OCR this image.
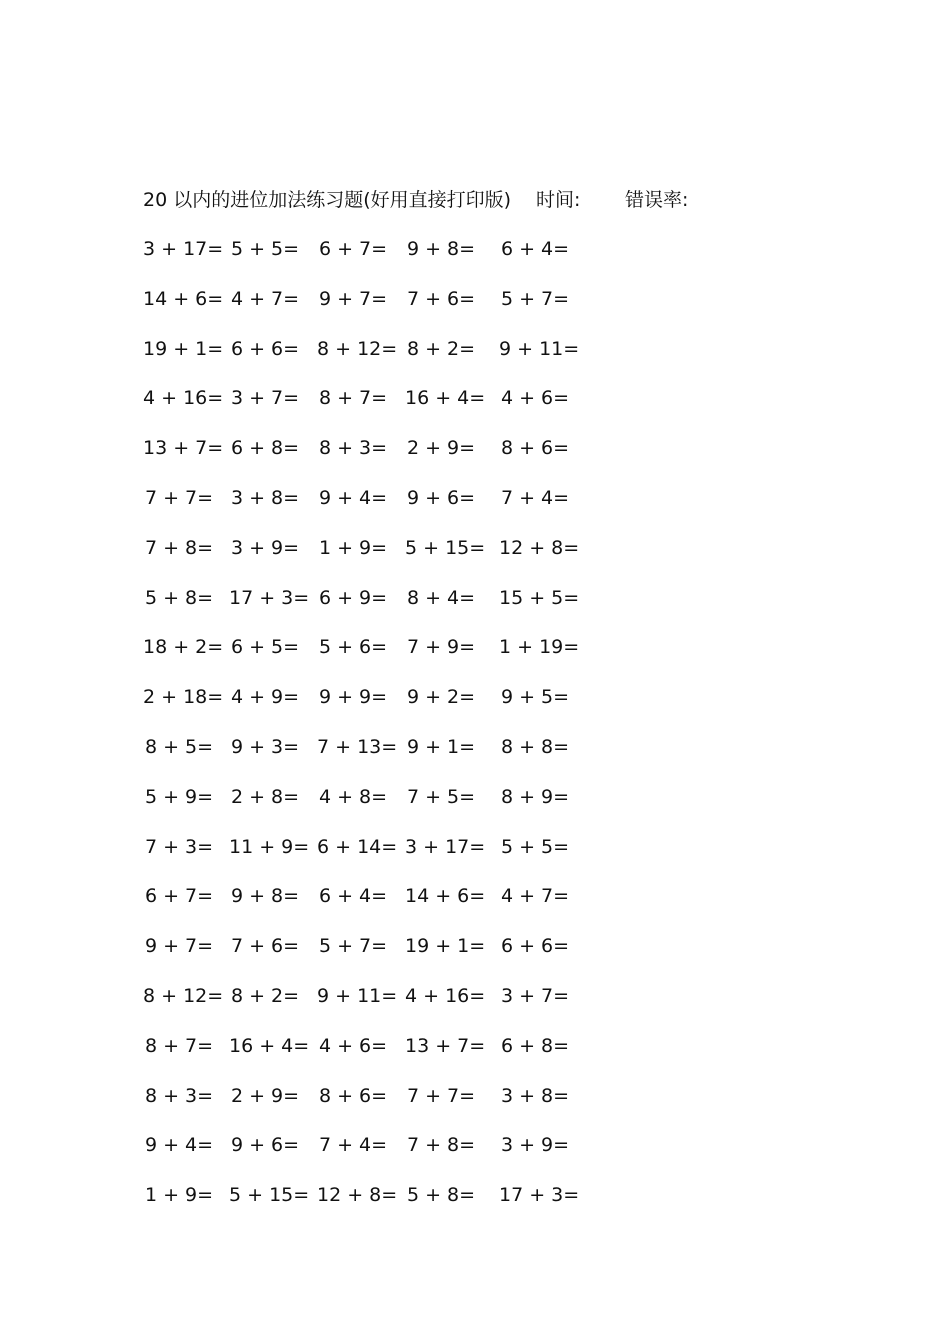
20 以内的进位加法练习题(好用直接打印版) 时间: 错误率:
3 + 17= 5 + 5= 6 + 7= 9 + 8= 6 + 4=
14 + 6= 4 + 7= 9 + 7= 7 + 6= 5 + 7=
19 + 1= 6 + 6= 8 + 12= 8 + 2= 9 + 11=
4 + 16= 3 + 7= 8 + 7= 16 + 4= 4 + 6=
13 + 7= 6 + 8= 8 + 3= 2 + 9= 8 + 6=
7 + 7= 3 + 8= 9 + 4= 9 + 6= 7 + 4=
7 + 8= 3 + 9= 1 + 9= 5 + 15= 12 + 8=
5 + 8= 17 + 3= 6 + 9= 8 + 4= 15 + 5=
18 + 2= 6 + 5= 5 + 6= 7 + 9= 1 + 19=
2 + 18= 4 + 9= 9 + 9= 9 + 2= 9 + 5=
8 + 5= 9 + 3= 7 + 13= 9 + 1= 8 + 8=
5 + 9= 2 + 8= 4 + 8= 7 + 5= 8 + 9=
7 + 3= 11 + 9= 6 + 14= 3 + 17= 5 + 5=
6 + 7= 9 + 8= 6 + 4= 14 + 6= 4 + 7=
9 + 7= 7 + 6= 5 + 7= 19 + 1= 6 + 6=
8 + 12= 8 + 2= 9 + 11= 4 + 16= 3 + 7=
8 + 7= 16 + 4= 4 + 6= 13 + 7= 6 + 8=
8 + 3= 2 + 9= 8 + 6= 7 + 7= 3 + 8=
9 + 4= 9 + 6= 7 + 4= 7 + 8= 3 + 9=
1 + 9= 5 + 15= 12 + 8= 5 + 8= 17 + 3=
